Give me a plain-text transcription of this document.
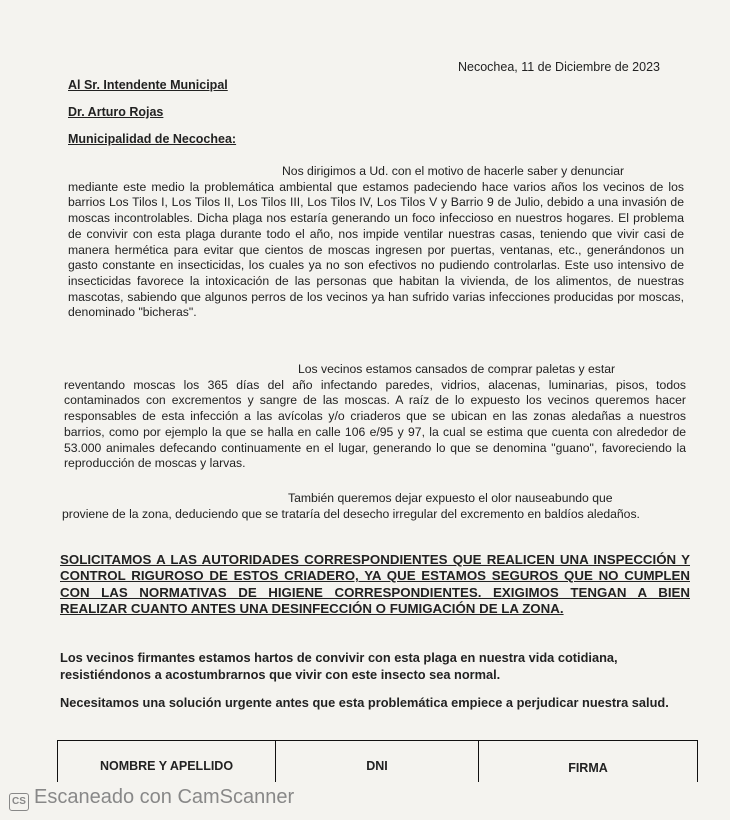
Necochea, 11 de Diciembre de 2023
Al Sr. Intendente Municipal
Dr. Arturo Rojas
Municipalidad de Necochea:
Nos dirigimos a Ud. con el motivo de hacerle saber y denunciar
mediante este medio la problemática ambiental que estamos padeciendo hace varios años los vecinos de los barrios Los Tilos I, Los Tilos II, Los Tilos III, Los Tilos IV, Los Tilos V y Barrio 9 de Julio, debido a una invasión de moscas incontrolables. Dicha plaga nos estaría generando un foco infeccioso en nuestros hogares. El problema de convivir con esta plaga durante todo el año, nos impide ventilar nuestras casas, teniendo que vivir casi de manera hermética para evitar que cientos de moscas ingresen por puertas, ventanas, etc., generándonos un gasto constante en insecticidas, los cuales ya no son efectivos no pudiendo controlarlas. Este uso intensivo de insecticidas favorece la intoxicación de las personas que habitan la vivienda, de los alimentos, de nuestras mascotas, sabiendo que algunos perros de los vecinos ya han sufrido varias infecciones producidas por moscas, denominado "bicheras".
Los vecinos estamos cansados de comprar paletas y estar
reventando moscas los 365 días del año infectando paredes, vidrios, alacenas, luminarias, pisos, todos contaminados con excrementos y sangre de las moscas. A raíz de lo expuesto los vecinos queremos hacer responsables de esta infección a las avícolas y/o criaderos que se ubican en las zonas aledañas a nuestros barrios, como por ejemplo la que se halla en calle 106 e/95 y 97, la cual se estima que cuenta con alrededor de 53.000 animales defecando continuamente en el lugar, generando lo que se denomina "guano", favoreciendo la reproducción de moscas y larvas.
También queremos dejar expuesto el olor nauseabundo que
proviene de la zona, deduciendo que se trataría del desecho irregular del excremento en baldíos aledaños.
SOLICITAMOS A LAS AUTORIDADES CORRESPONDIENTES QUE REALICEN UNA INSPECCIÓN Y CONTROL RIGUROSO DE ESTOS CRIADERO, YA QUE ESTAMOS SEGUROS QUE NO CUMPLEN CON LAS NORMATIVAS DE HIGIENE CORRESPONDIENTES. EXIGIMOS TENGAN A BIEN REALIZAR CUANTO ANTES UNA DESINFECCIÓN O FUMIGACIÓN DE LA ZONA.
Los vecinos firmantes estamos hartos de convivir con esta plaga en nuestra vida cotidiana, resistiéndonos a acostumbrarnos que vivir con este insecto sea normal.
Necesitamos una solución urgente antes que esta problemática empiece a perjudicar nuestra salud.
NOMBRE Y APELLIDO	DNI	FIRMA

CS Escaneado con CamScanner
